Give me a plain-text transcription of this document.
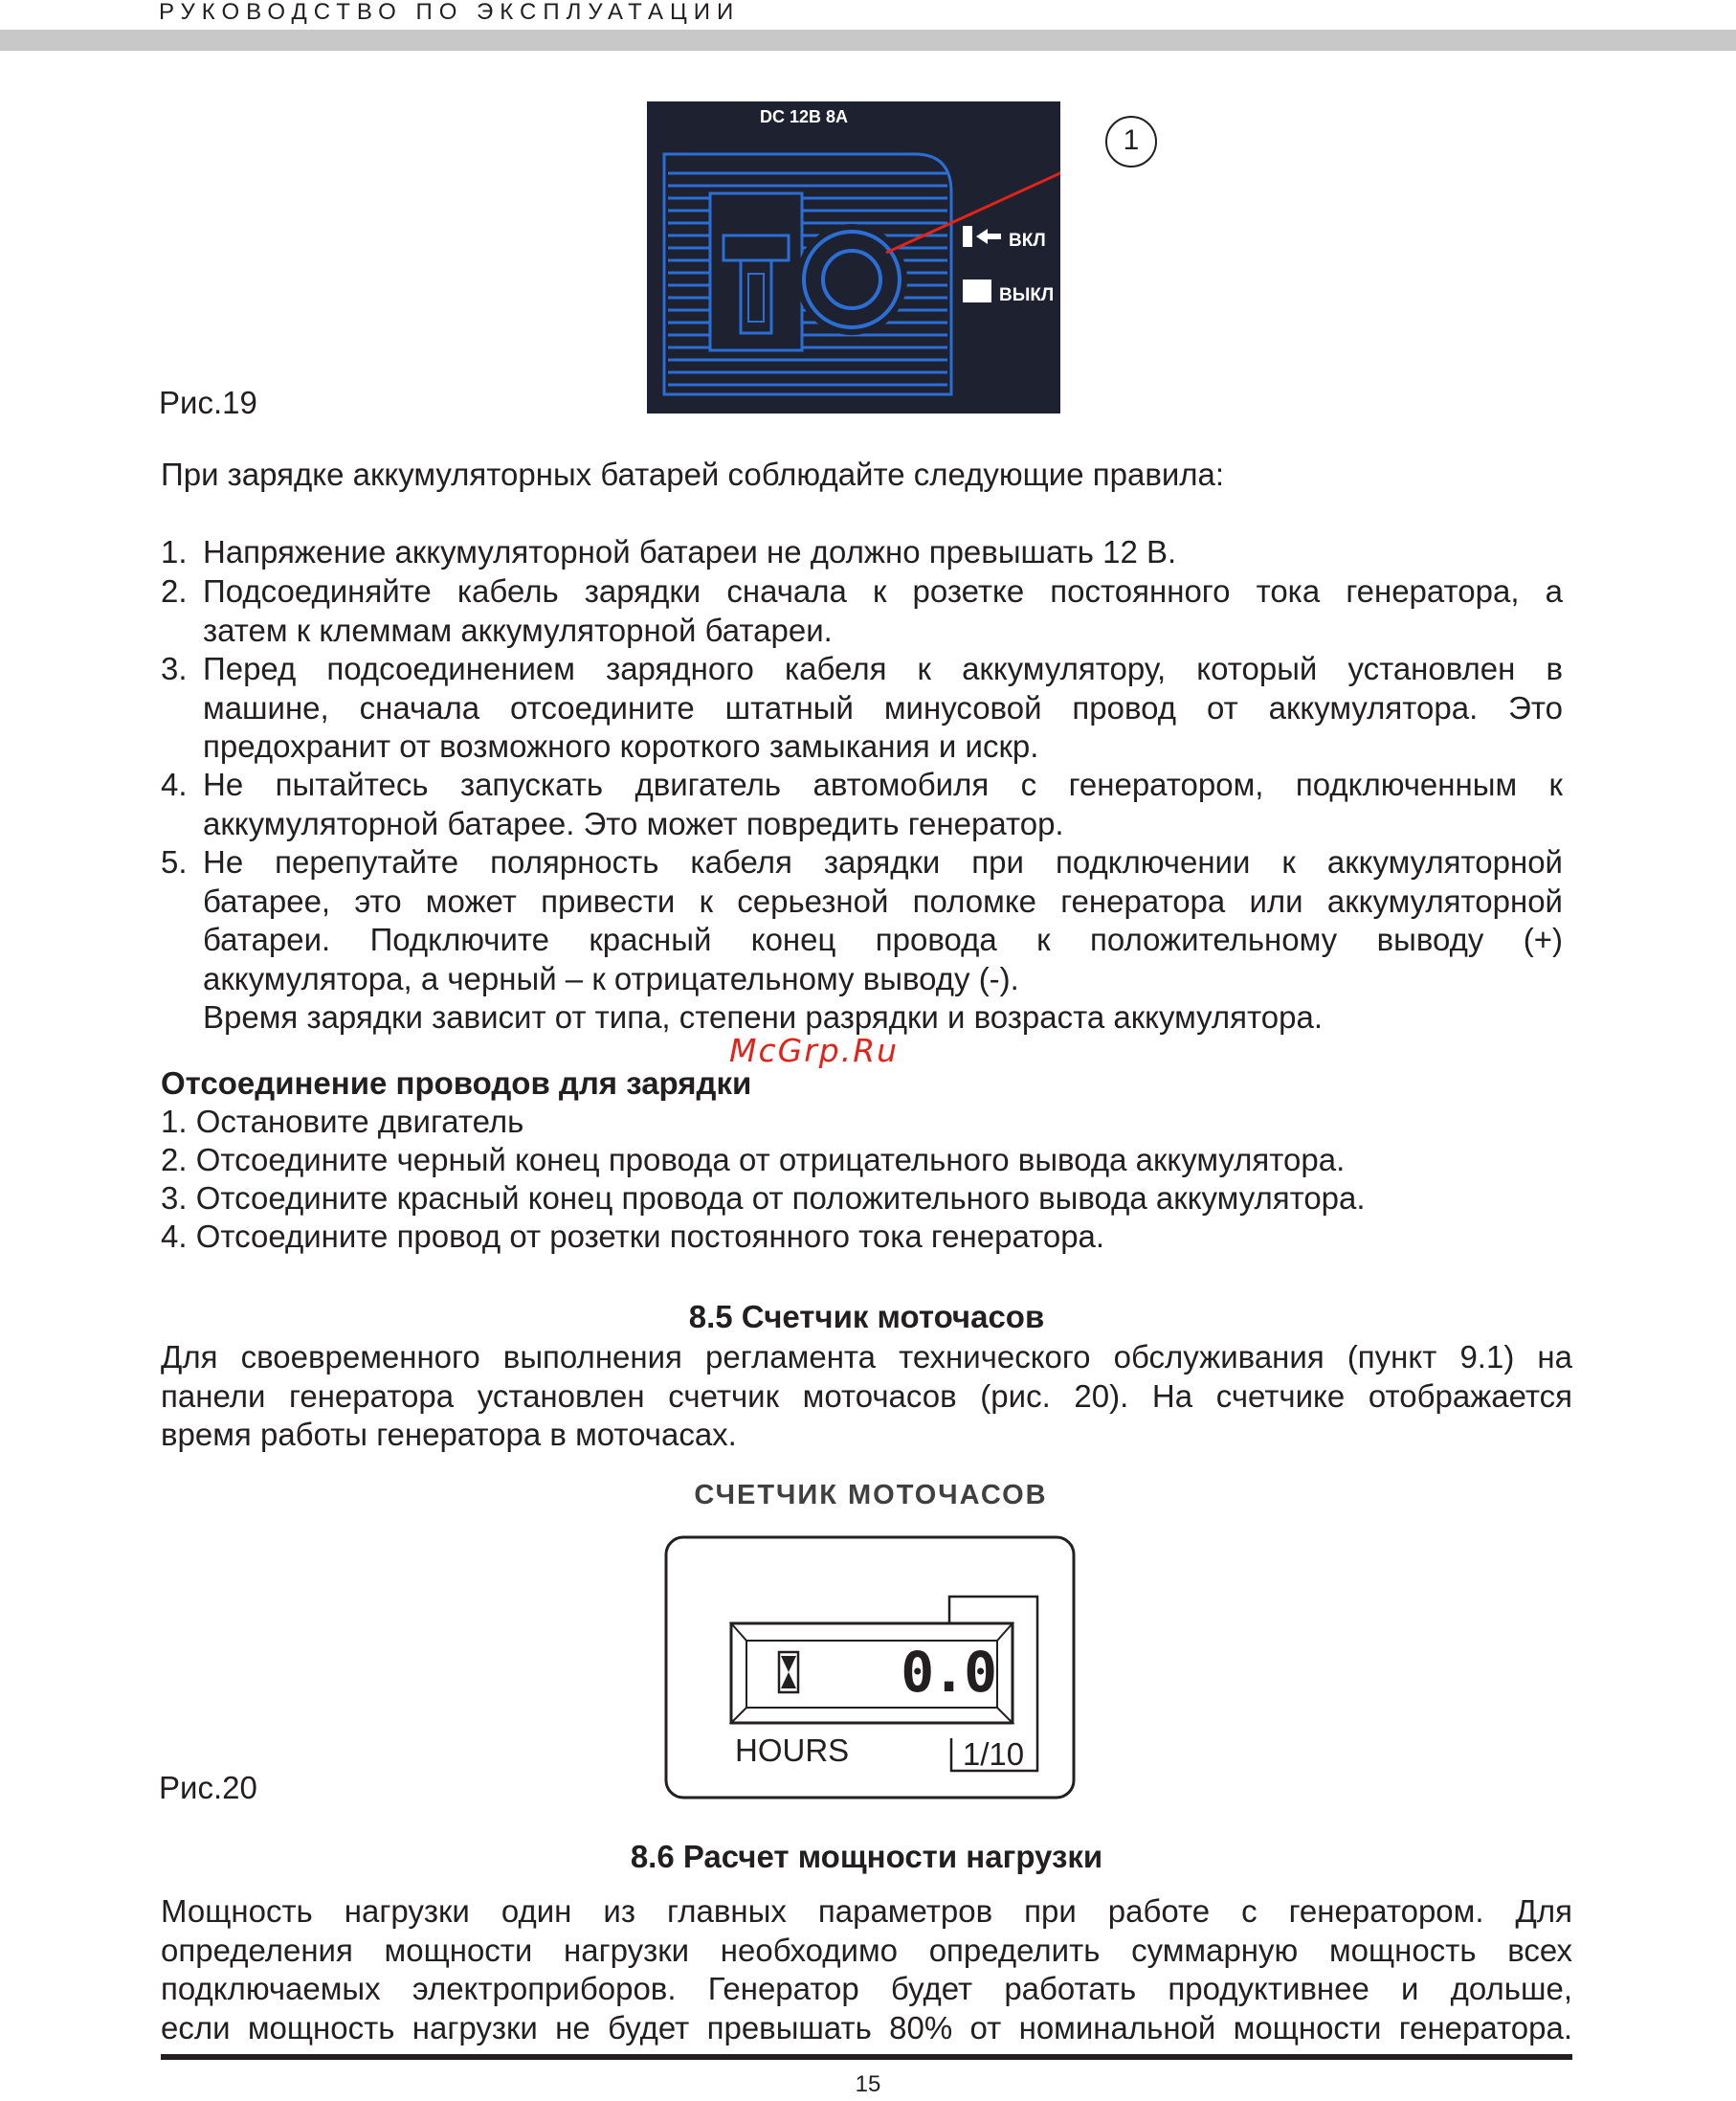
РУКОВОДСТВО ПО ЭКСПЛУАТАЦИИ
DC 12В 8А
ВКЛ
ВЫКЛ
1
Рис.19
При зарядке аккумуляторных батарей соблюдайте следующие правила:
1. Напряжение аккумуляторной батареи не должно превышать 12 В.
2. Подсоединяйте кабель зарядки сначала к розетке постоянного тока генератора, а
затем к клеммам аккумуляторной батареи.
3. Перед подсоединением зарядного кабеля к аккумулятору, который установлен в
машине, сначала отсоедините штатный минусовой провод от аккумулятора. Это
предохранит от возможного короткого замыкания и искр.
4. Не пытайтесь запускать двигатель автомобиля с генератором, подключенным к
аккумуляторной батарее. Это может повредить генератор.
5. Не перепутайте полярность кабеля зарядки при подключении к аккумуляторной
батарее, это может привести к серьезной поломке генератора или аккумуляторной
батареи. Подключите красный конец провода к положительному выводу (+)
аккумулятора, а черный – к отрицательному выводу (-).
Время зарядки зависит от типа, степени разрядки и возраста аккумулятора.
McGrp.Ru
Отсоединение проводов для зарядки
1. Остановите двигатель
2. Отсоедините черный конец провода от отрицательного вывода аккумулятора.
3. Отсоедините красный конец провода от положительного вывода аккумулятора.
4. Отсоедините провод от розетки постоянного тока генератора.
8.5 Счетчик моточасов
Для своевременного выполнения регламента технического обслуживания (пункт 9.1) на
панели генератора установлен счетчик моточасов (рис. 20). На счетчике отображается
время работы генератора в моточасах.
СЧЕТЧИК МОТОЧАСОВ
0.0
HOURS	1/10
Рис.20
8.6 Расчет мощности нагрузки
Мощность нагрузки один из главных параметров при работе с генератором. Для
определения мощности нагрузки необходимо определить суммарную мощность всех
подключаемых электроприборов. Генератор будет работать продуктивнее и дольше,
если мощность нагрузки не будет превышать 80% от номинальной мощности генератора.
15
